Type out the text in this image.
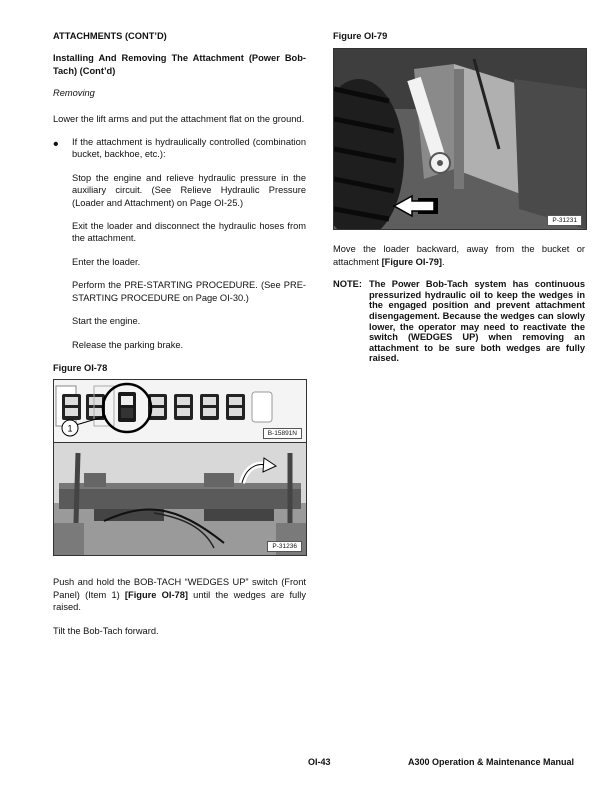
ATTACHMENTS (CONT’D)

Installing And Removing The Attachment (Power Bob-Tach) (Cont’d)

Removing

Lower the lift arms and put the attachment flat on the ground.

•	If the attachment is hydraulically controlled (combination bucket, backhoe, etc.):

Stop the engine and relieve hydraulic pressure in the auxiliary circuit. (See Relieve Hydraulic Pressure (Loader and Attachment) on Page OI-25.)

Exit the loader and disconnect the hydraulic hoses from the attachment.

Enter the loader.

Perform the PRE-STARTING PROCEDURE. (See PRE-STARTING PROCEDURE on Page OI-30.)

Start the engine.

Release the parking brake.

Figure OI-78

1	B-15891N
P-31236

Push and hold the BOB-TACH “WEDGES UP” switch (Front Panel) (Item 1) [Figure OI-78] until the wedges are fully raised.

Tilt the Bob-Tach forward.

Figure OI-79

P-31231

Move the loader backward, away from the bucket or attachment [Figure OI-79].

NOTE: The Power Bob-Tach system has continuous pressurized hydraulic oil to keep the wedges in the engaged position and prevent attachment disengagement. Because the wedges can slowly lower, the operator may need to reactivate the switch (WEDGES UP) when removing an attachment to be sure both wedges are fully raised.
OI-43	A300 Operation & Maintenance Manual
